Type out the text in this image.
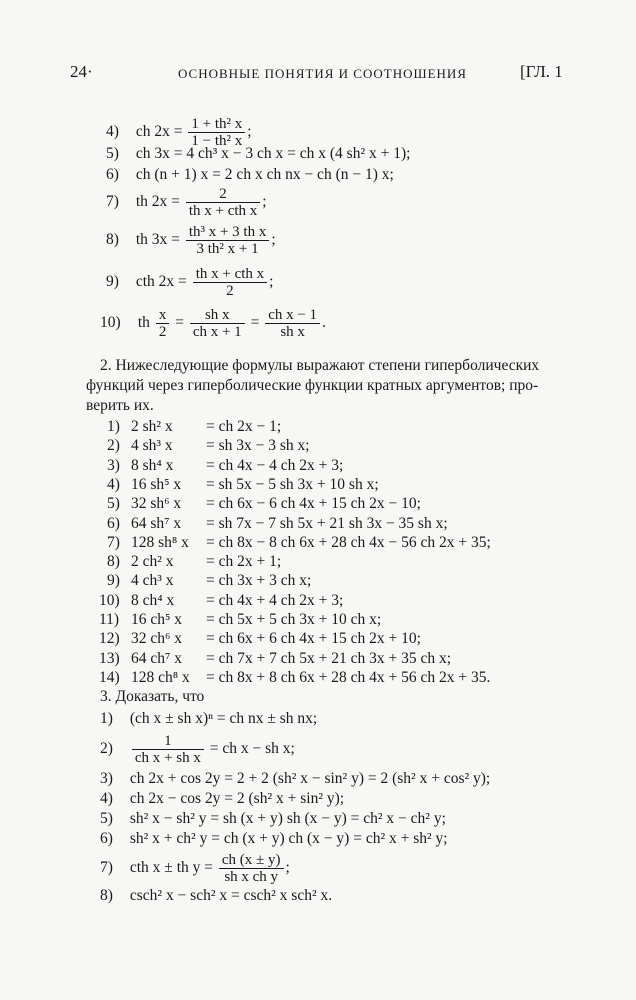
24·	ОСНОВНЫЕ ПОНЯТИЯ И СООТНОШЕНИЯ	[ГЛ. 1
4) ch $2x = \frac{\text{1 + th² x}}{\text{1 − th² x}}$ ;
5) ch 3x = 4 ch³ x − 3 ch x = ch x (4 sh² x + 1);
6) ch (n + 1) x = 2 ch x ch nx − ch (n − 1) x;
7) th $2x = \frac{2}{\text{th x + cth x}}$ ;
8) th $3x = \frac{\text{th³ x + 3 th x}}{\text{3 th² x + 1}}$ ;
9) cth $2x = \frac{\text{th x + cth x}}{2}$ ;
10) th $\frac{x}{2} = \frac{\text{sh x}}{\text{ch x + 1}} = \frac{\text{ch x − 1}}{\text{sh x}}$ .
2. Нижеследующие формулы выражают степени гиперболических
функций через гиперболические функции кратных аргументов; про-
верить их.
1) 2 sh² x = ch 2x − 1;
2) 4 sh³ x = sh 3x − 3 sh x;
3) 8 sh⁴ x = ch 4x − 4 ch 2x + 3;
4) 16 sh⁵ x = sh 5x − 5 sh 3x + 10 sh x;
5) 32 sh⁶ x = ch 6x − 6 ch 4x + 15 ch 2x − 10;
6) 64 sh⁷ x = sh 7x − 7 sh 5x + 21 sh 3x − 35 sh x;
7) 128 sh⁸ x = ch 8x − 8 ch 6x + 28 ch 4x − 56 ch 2x + 35;
8) 2 ch² x = ch 2x + 1;
9) 4 ch³ x = ch 3x + 3 ch x;
10) 8 ch⁴ x = ch 4x + 4 ch 2x + 3;
11) 16 ch⁵ x = ch 5x + 5 ch 3x + 10 ch x;
12) 32 ch⁶ x = ch 6x + 6 ch 4x + 15 ch 2x + 10;
13) 64 ch⁷ x = ch 7x + 7 ch 5x + 21 ch 3x + 35 ch x;
14) 128 ch⁸ x = ch 8x + 8 ch 6x + 28 ch 4x + 56 ch 2x + 35.
3. Доказать, что
1) (ch x ± sh x)ⁿ = ch nx ± sh nx;
$2) \frac{1}{\text{ch x + sh x}}$ = ch x − sh x;
3) ch 2x + cos 2y = 2 + 2 (sh² x − sin² y) = 2 (sh² x + cos² y);
4) ch 2x − cos 2y = 2 (sh² x + sin² y);
5) sh² x − sh² y = sh (x + y) sh (x − y) = ch² x − ch² y;
6) sh² x + ch² y = ch (x + y) ch (x − y) = ch² x + sh² y;
7) cth x ± th $y = \frac{ch (x \pm y)}{\text{sh x ch y}}$ ;
8) csch² x − sch² x = csch² x sch² x.
